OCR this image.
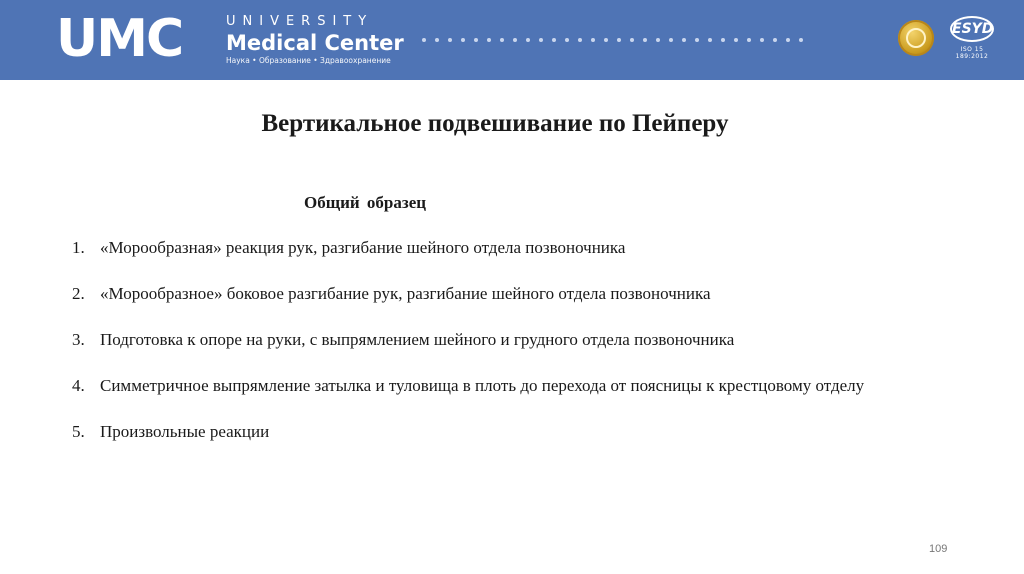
UMC	UNIVERSITY
Medical Center
Наука • Образование • Здравоохранение
ESYD
ISO 15 189:2012
Вертикальное подвешивание по Пейперу
Общий образец
1. «Морообразная» реакция рук, разгибание шейного отдела позвоночника
2. «Морообразное» боковое разгибание рук, разгибание шейного отдела позвоночника
3. Подготовка к опоре на руки, с выпрямлением шейного и грудного отдела позвоночника
4. Симметричное выпрямление затылка и туловища в плоть до перехода от поясницы к крестцовому отделу
5. Произвольные реакции
109
